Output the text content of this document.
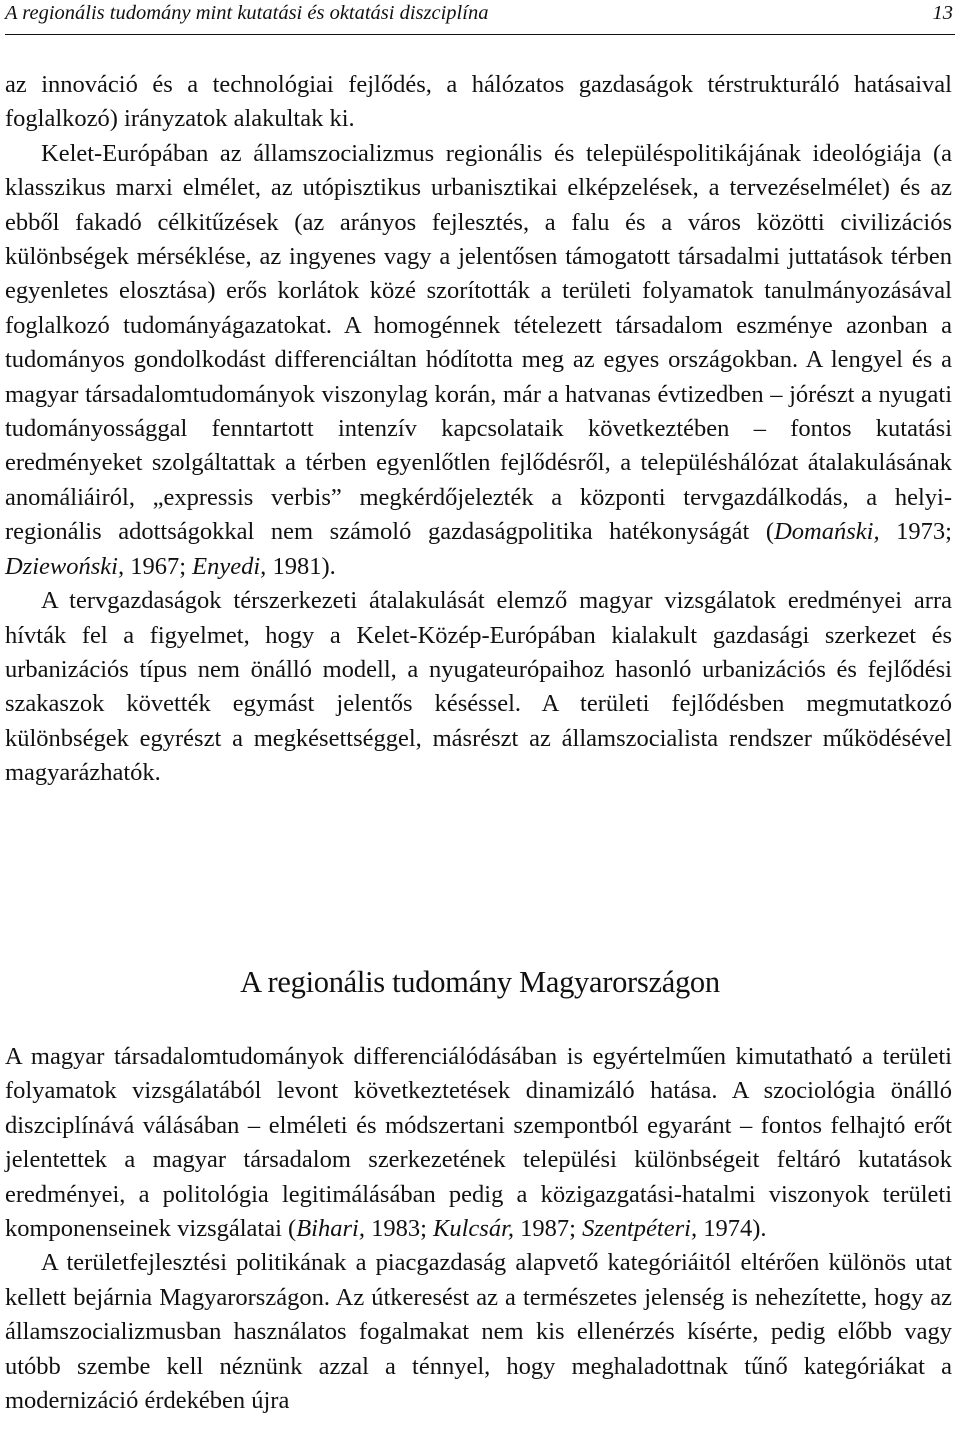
A regionális tudomány mint kutatási és oktatási diszciplína	13

az innováció és a technológiai fejlődés, a hálózatos gazdaságok térstrukturáló hatásaival foglalkozó) irányzatok alakultak ki.

Kelet-Európában az államszocializmus regionális és településpolitikájának ideológiája (a klasszikus marxi elmélet, az utópisztikus urbanisztikai elképzelések, a tervezéselmélet) és az ebből fakadó célkitűzések (az arányos fejlesztés, a falu és a város közötti civilizációs különbségek mérséklése, az ingyenes vagy a jelentősen támogatott társadalmi juttatások térben egyenletes elosztása) erős korlátok közé szorították a területi folyamatok tanulmányozásával foglalkozó tudományágazatokat. A homogénnek tételezett társadalom eszménye azonban a tudományos gondolkodást differenciáltan hódította meg az egyes országokban. A lengyel és a magyar társadalomtudományok viszonylag korán, már a hatvanas évtizedben – jórészt a nyugati tudományossággal fenntartott intenzív kapcsolataik következtében – fontos kutatási eredményeket szolgáltattak a térben egyenlőtlen fejlődésről, a településhálózat átalakulásának anomáliáiról, „expressis verbis” megkérdőjelezték a központi tervgazdálkodás, a helyi-regionális adottságokkal nem számoló gazdaságpolitika hatékonyságát (Domański, 1973; Dziewoński, 1967; Enyedi, 1981).

A tervgazdaságok térszerkezeti átalakulását elemző magyar vizsgálatok eredményei arra hívták fel a figyelmet, hogy a Kelet-Közép-Európában kialakult gazdasági szerkezet és urbanizációs típus nem önálló modell, a nyugateurópaihoz hasonló urbanizációs és fejlődési szakaszok követték egymást jelentős késéssel. A területi fejlődésben megmutatkozó különbségek egyrészt a megkésettséggel, másrészt az államszocialista rendszer működésével magyarázhatók.

A regionális tudomány Magyarországon

A magyar társadalomtudományok differenciálódásában is egyértelműen kimutatható a területi folyamatok vizsgálatából levont következtetések dinamizáló hatása. A szociológia önálló diszciplínává válásában – elméleti és módszertani szempontból egyaránt – fontos felhajtó erőt jelentettek a magyar társadalom szerkezetének települési különbségeit feltáró kutatások eredményei, a politológia legitimálásában pedig a közigazgatási-hatalmi viszonyok területi komponenseinek vizsgálatai (Bihari, 1983; Kulcsár, 1987; Szentpéteri, 1974).

A területfejlesztési politikának a piacgazdaság alapvető kategóriáitól eltérően különös utat kellett bejárnia Magyarországon. Az útkeresést az a természetes jelenség is nehezítette, hogy az államszocializmusban használatos fogalmakat nem kis ellenérzés kísérte, pedig előbb vagy utóbb szembe kell néznünk azzal a ténnyel, hogy meghaladottnak tűnő kategóriákat a modernizáció érdekében újra
